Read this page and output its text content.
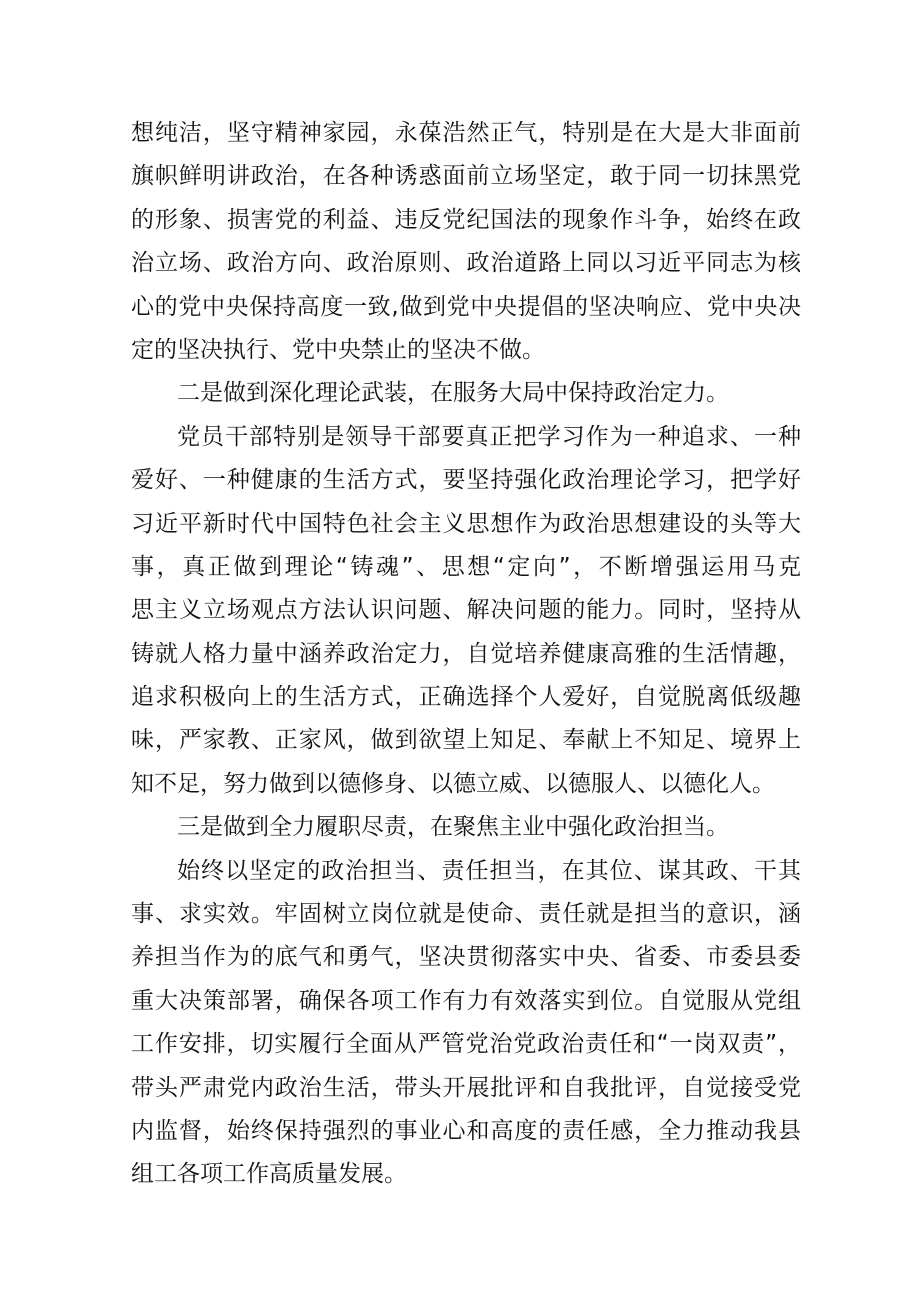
想纯洁，坚守精神家园，永葆浩然正气，特别是在大是大非面前
旗帜鲜明讲政治，在各种诱惑面前立场坚定，敢于同一切抹黑党
的形象、损害党的利益、违反党纪国法的现象作斗争，始终在政
治立场、政治方向、政治原则、政治道路上同以习近平同志为核
心的党中央保持高度一致,做到党中央提倡的坚决响应、党中央决
定的坚决执行、党中央禁止的坚决不做。
二是做到深化理论武装，在服务大局中保持政治定力。
党员干部特别是领导干部要真正把学习作为一种追求、一种
爱好、一种健康的生活方式，要坚持强化政治理论学习，把学好
习近平新时代中国特色社会主义思想作为政治思想建设的头等大
事，真正做到理论“铸魂”、思想“定向”，不断增强运用马克
思主义立场观点方法认识问题、解决问题的能力。同时，坚持从
铸就人格力量中涵养政治定力，自觉培养健康高雅的生活情趣，
追求积极向上的生活方式，正确选择个人爱好，自觉脱离低级趣
味，严家教、正家风，做到欲望上知足、奉献上不知足、境界上
知不足，努力做到以德修身、以德立威、以德服人、以德化人。
三是做到全力履职尽责，在聚焦主业中强化政治担当。
始终以坚定的政治担当、责任担当，在其位、谋其政、干其
事、求实效。牢固树立岗位就是使命、责任就是担当的意识，涵
养担当作为的底气和勇气，坚决贯彻落实中央、省委、市委县委
重大决策部署，确保各项工作有力有效落实到位。自觉服从党组
工作安排，切实履行全面从严管党治党政治责任和“一岗双责”，
带头严肃党内政治生活，带头开展批评和自我批评，自觉接受党
内监督，始终保持强烈的事业心和高度的责任感，全力推动我县
组工各项工作高质量发展。
